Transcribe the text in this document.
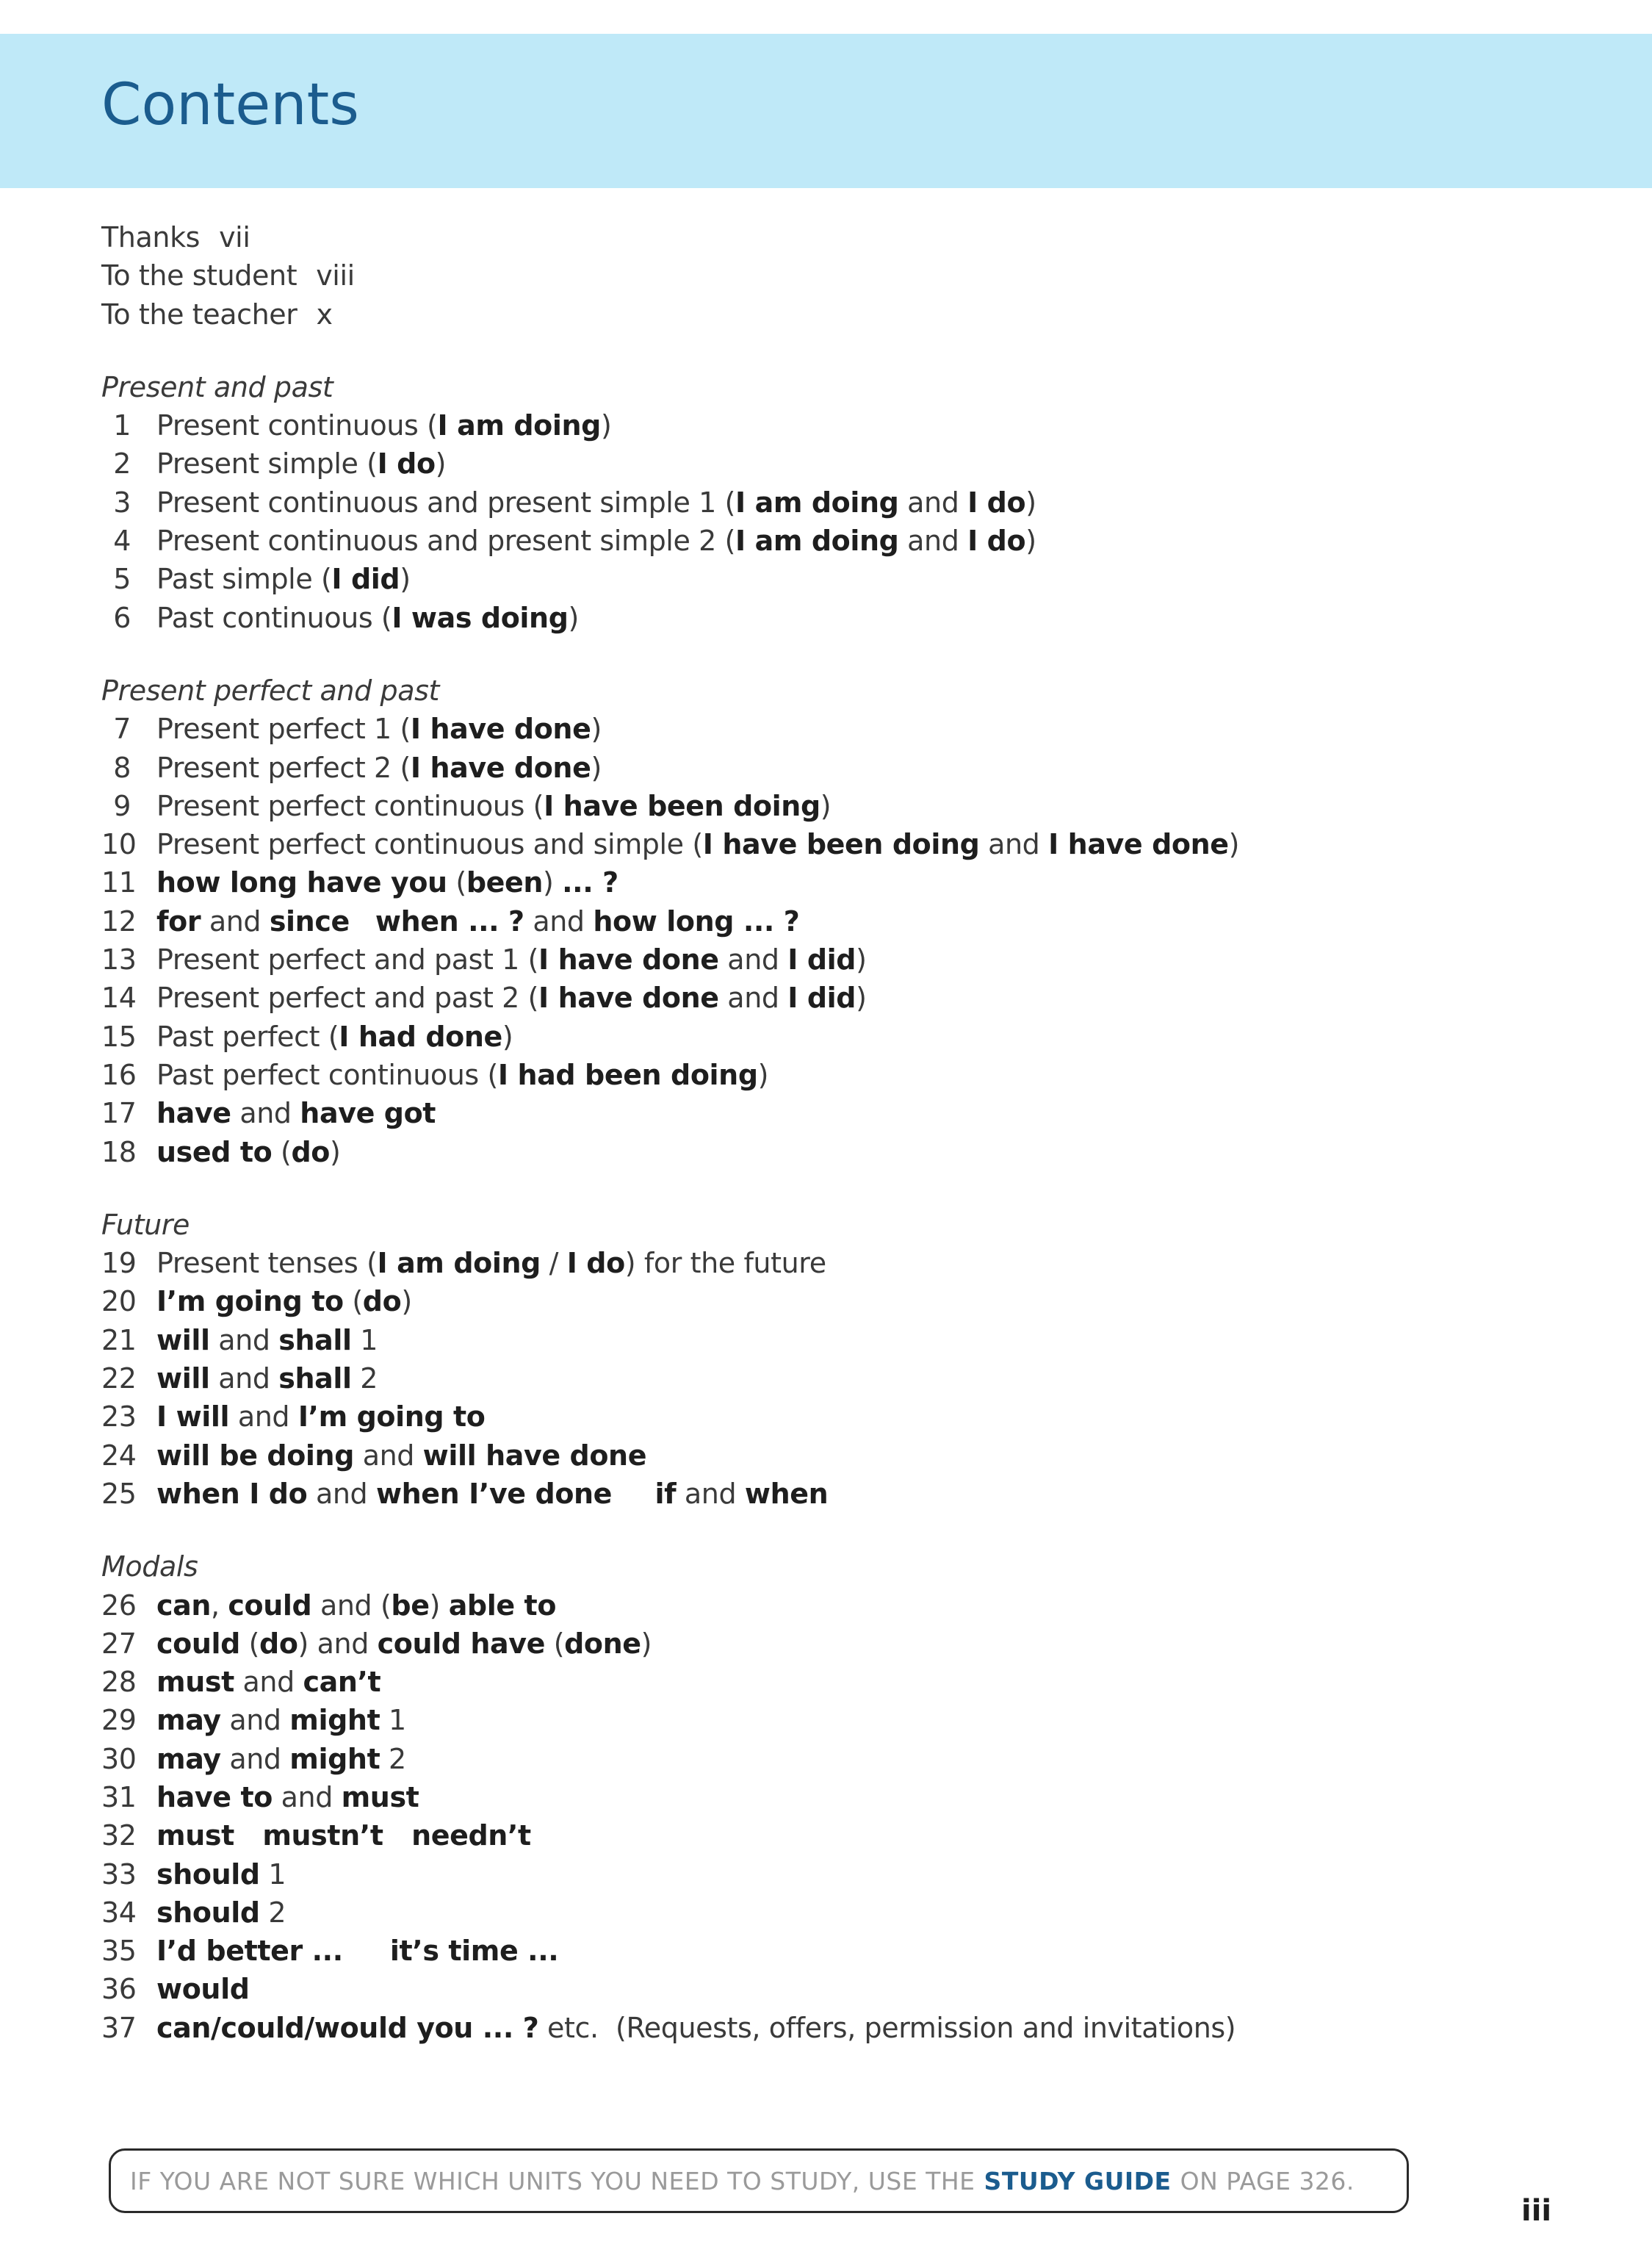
Contents
Thanks vii
To the student viii
To the teacher x
Present and past
1 Present continuous (I am doing)
2 Present simple (I do)
3 Present continuous and present simple 1 (I am doing and I do)
4 Present continuous and present simple 2 (I am doing and I do)
5 Past simple (I did)
6 Past continuous (I was doing)
Present perfect and past
7 Present perfect 1 (I have done)
8 Present perfect 2 (I have done)
9 Present perfect continuous (I have been doing)
10 Present perfect continuous and simple (I have been doing and I have done)
11 how long have you (been) ... ?
12 for and since when ... ? and how long ... ?
13 Present perfect and past 1 (I have done and I did)
14 Present perfect and past 2 (I have done and I did)
15 Past perfect (I had done)
16 Past perfect continuous (I had been doing)
17 have and have got
18 used to (do)
Future
19 Present tenses (I am doing / I do) for the future
20 I’m going to (do)
21 will and shall 1
22 will and shall 2
23 I will and I’m going to
24 will be doing and will have done
25 when I do and when I’ve done if and when
Modals
26 can, could and (be) able to
27 could (do) and could have (done)
28 must and can’t
29 may and might 1
30 may and might 2
31 have to and must
32 must   mustn’t   needn’t
33 should 1
34 should 2
35 I’d better ...     it’s time ...
36 would
37 can/could/would you ... ? etc.  (Requests, offers, permission and invitations)
IF YOU ARE NOT SURE WHICH UNITS YOU NEED TO STUDY, USE THE STUDY GUIDE ON PAGE 326.
iii
